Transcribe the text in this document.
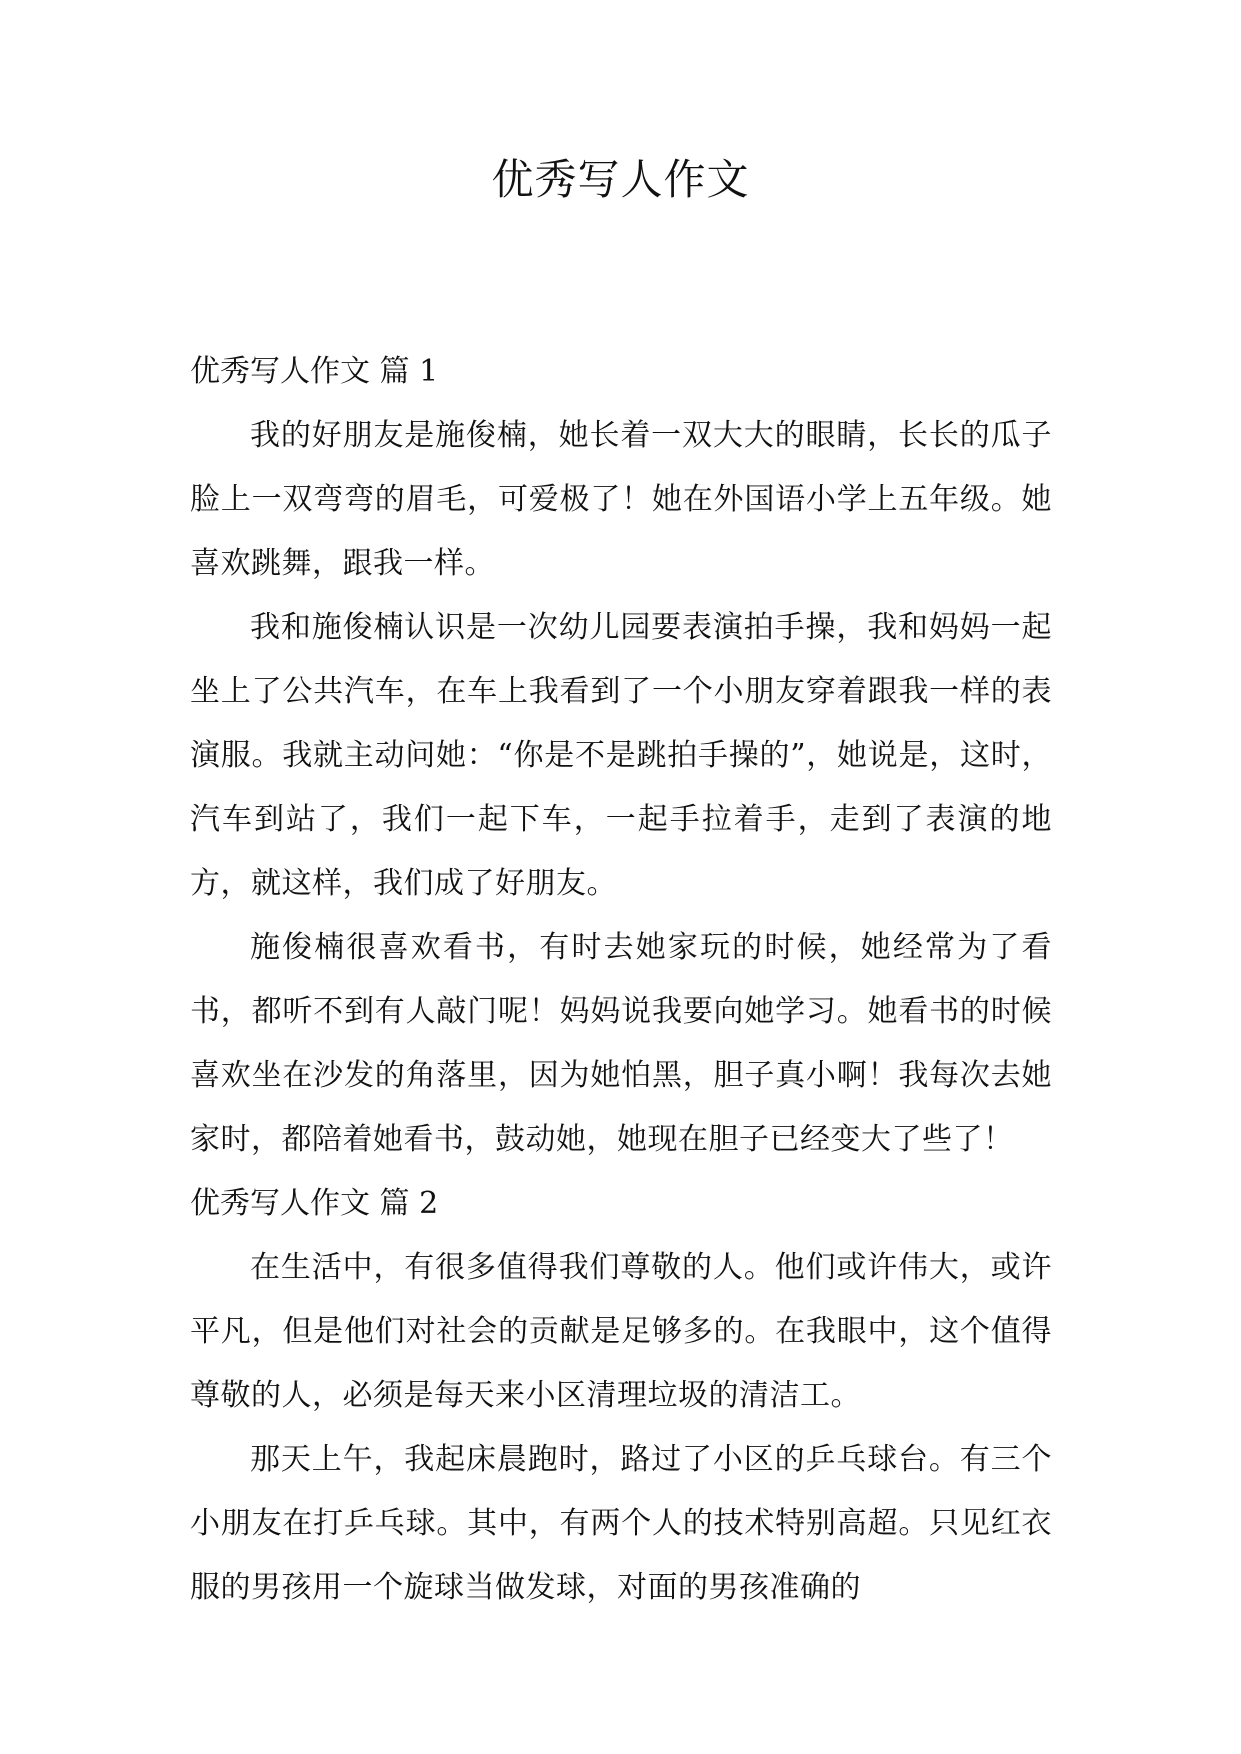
优秀写人作文
优秀写人作文 篇 1

我的好朋友是施俊楠，她长着一双大大的眼睛，长长的瓜子脸上一双弯弯的眉毛，可爱极了！她在外国语小学上五年级。她喜欢跳舞，跟我一样。

我和施俊楠认识是一次幼儿园要表演拍手操，我和妈妈一起坐上了公共汽车，在车上我看到了一个小朋友穿着跟我一样的表演服。我就主动问她：“你是不是跳拍手操的”，她说是，这时，汽车到站了，我们一起下车，一起手拉着手，走到了表演的地方，就这样，我们成了好朋友。

施俊楠很喜欢看书，有时去她家玩的时候，她经常为了看书，都听不到有人敲门呢！妈妈说我要向她学习。她看书的时候喜欢坐在沙发的角落里，因为她怕黑，胆子真小啊！我每次去她家时，都陪着她看书，鼓动她，她现在胆子已经变大了些了！

优秀写人作文 篇 2

在生活中，有很多值得我们尊敬的人。他们或许伟大，或许平凡，但是他们对社会的贡献是足够多的。在我眼中，这个值得尊敬的人，必须是每天来小区清理垃圾的清洁工。

那天上午，我起床晨跑时，路过了小区的乒乓球台。有三个小朋友在打乒乓球。其中，有两个人的技术特别高超。只见红衣服的男孩用一个旋球当做发球，对面的男孩准确的
